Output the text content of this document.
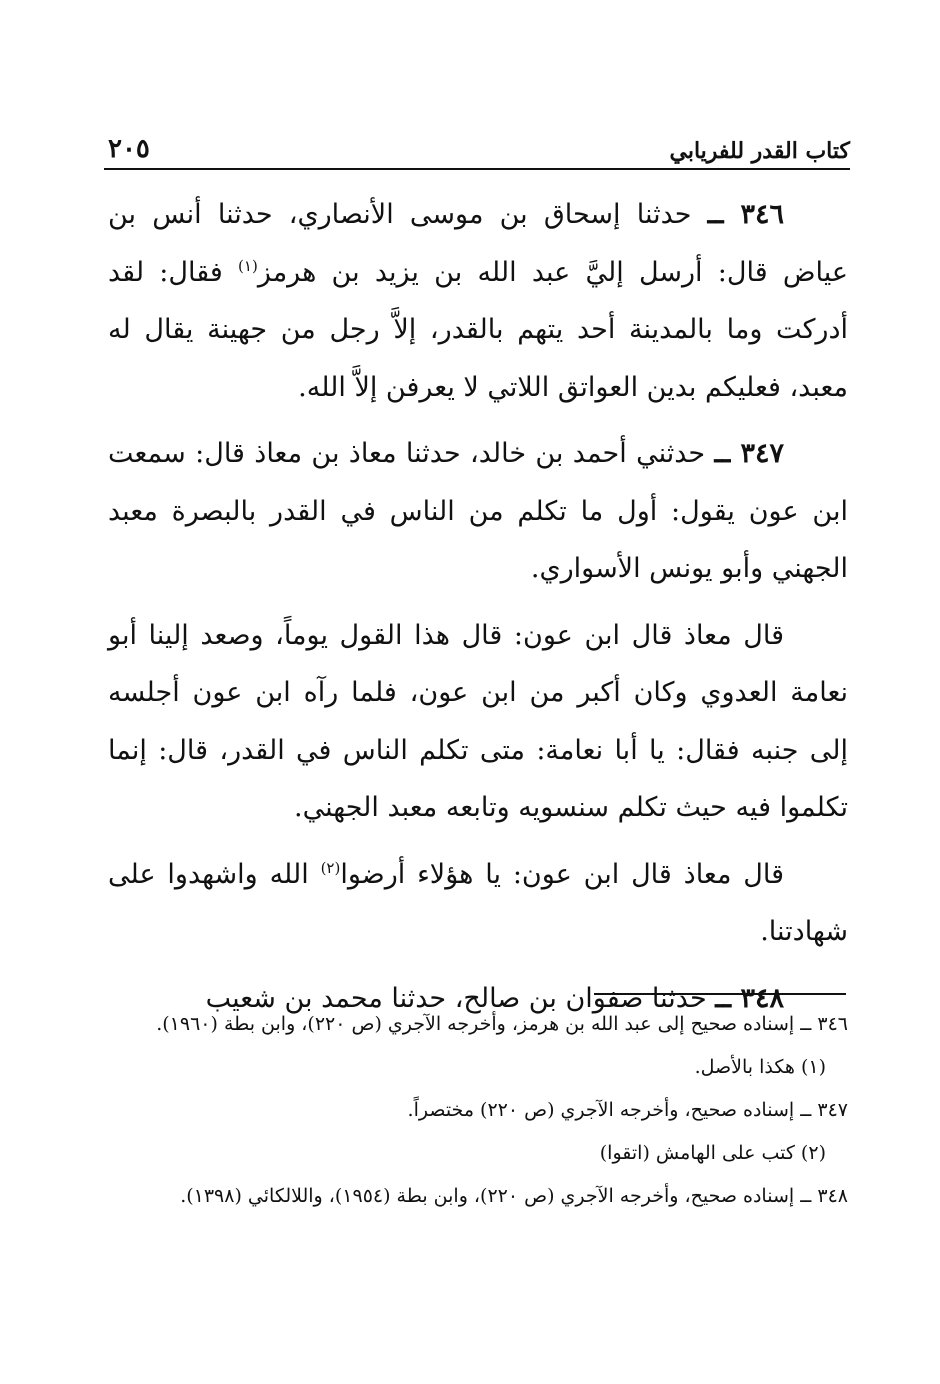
كتاب القدر للفريابي
٢٠٥

٣٤٦ ــ حدثنا إسحاق بن موسى الأنصاري، حدثنا أنس بن عياض قال: أرسل إليَّ عبد الله بن يزيد بن هرمز$^{(١)}$ فقال: لقد أدركت وما بالمدينة أحد يتهم بالقدر، إلاَّ رجل من جهينة يقال له معبد، فعليكم بدين العواتق اللاتي لا يعرفن إلاَّ الله.

٣٤٧ ــ حدثني أحمد بن خالد، حدثنا معاذ بن معاذ قال: سمعت ابن عون يقول: أول ما تكلم من الناس في القدر بالبصرة معبد الجهني وأبو يونس الأسواري.

قال معاذ قال ابن عون: قال هذا القول يوماً، وصعد إلينا أبو نعامة العدوي وكان أكبر من ابن عون، فلما رآه ابن عون أجلسه إلى جنبه فقال: يا أبا نعامة: متى تكلم الناس في القدر، قال: إنما تكلموا فيه حيث تكلم سنسويه وتابعه معبد الجهني.

قال معاذ قال ابن عون: يا هؤلاء أرضوا$^{(٢)}$ الله واشهدوا على شهادتنا.

٣٤٨ ــ حدثنا صفوان بن صالح، حدثنا محمد بن شعيب

٣٤٦ ــ إسناده صحيح إلى عبد الله بن هرمز، وأخرجه الآجري (ص ٢٢٠)، وابن بطة (١٩٦٠).

(١) هكذا بالأصل.

٣٤٧ ــ إسناده صحيح، وأخرجه الآجري (ص ٢٢٠) مختصراً.

(٢) كتب على الهامش (اتقوا)

٣٤٨ ــ إسناده صحيح، وأخرجه الآجري (ص ٢٢٠)، وابن بطة (١٩٥٤)، واللالكائي (١٣٩٨).
